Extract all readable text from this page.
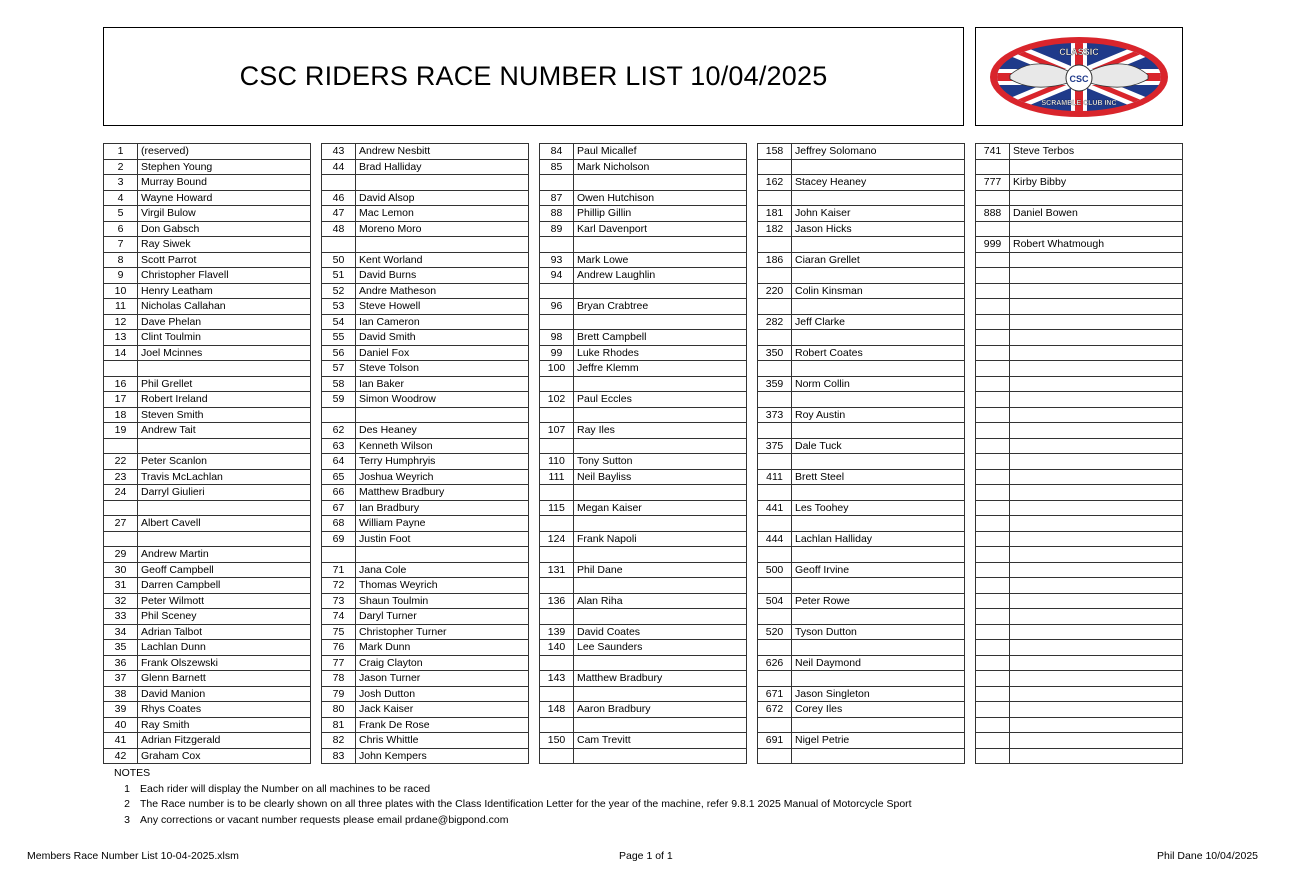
CSC RIDERS RACE NUMBER LIST 10/04/2025	CSC
CLASSIC
SCRAMBLE CLUB INC
1	(reserved)
2	Stephen Young
3	Murray Bound
4	Wayne Howard
5	Virgil Bulow
6	Don Gabsch
7	Ray Siwek
8	Scott Parrot
9	Christopher Flavell
10	Henry Leatham
11	Nicholas Callahan
12	Dave Phelan
13	Clint Toulmin
14	Joel Mcinnes

16	Phil Grellet
17	Robert Ireland
18	Steven Smith
19	Andrew Tait

22	Peter Scanlon
23	Travis McLachlan
24	Darryl Giulieri

27	Albert Cavell

29	Andrew Martin
30	Geoff Campbell
31	Darren Campbell
32	Peter Wilmott
33	Phil Sceney
34	Adrian Talbot
35	Lachlan Dunn
36	Frank Olszewski
37	Glenn Barnett
38	David Manion
39	Rhys Coates
40	Ray Smith
41	Adrian Fitzgerald
42	Graham Cox
43	Andrew Nesbitt
44	Brad Halliday

46	David Alsop
47	Mac Lemon
48	Moreno Moro

50	Kent Worland
51	David Burns
52	Andre Matheson
53	Steve Howell
54	Ian Cameron
55	David Smith
56	Daniel Fox
57	Steve Tolson
58	Ian Baker
59	Simon Woodrow

62	Des Heaney
63	Kenneth Wilson
64	Terry Humphryis
65	Joshua Weyrich
66	Matthew Bradbury
67	Ian Bradbury
68	William Payne
69	Justin Foot

71	Jana Cole
72	Thomas Weyrich
73	Shaun Toulmin
74	Daryl Turner
75	Christopher Turner
76	Mark Dunn
77	Craig Clayton
78	Jason Turner
79	Josh Dutton
80	Jack Kaiser
81	Frank De Rose
82	Chris Whittle
83	John Kempers
84	Paul Micallef
85	Mark Nicholson

87	Owen Hutchison
88	Phillip Gillin
89	Karl Davenport

93	Mark Lowe
94	Andrew Laughlin

96	Bryan Crabtree

98	Brett Campbell
99	Luke Rhodes
100	Jeffre Klemm

102	Paul Eccles

107	Ray Iles

110	Tony Sutton
111	Neil Bayliss

115	Megan Kaiser

124	Frank Napoli

131	Phil Dane

136	Alan Riha

139	David Coates
140	Lee Saunders

143	Matthew Bradbury

148	Aaron Bradbury

150	Cam Trevitt

158	Jeffrey Solomano

162	Stacey Heaney

181	John Kaiser
182	Jason Hicks

186	Ciaran Grellet

220	Colin Kinsman

282	Jeff Clarke

350	Robert Coates

359	Norm Collin

373	Roy Austin

375	Dale Tuck

411	Brett Steel

441	Les Toohey

444	Lachlan Halliday

500	Geoff Irvine

504	Peter Rowe

520	Tyson Dutton

626	Neil Daymond

671	Jason Singleton
672	Corey Iles

691	Nigel Petrie

741	Steve Terbos

777	Kirby Bibby

888	Daniel Bowen

999	Robert Whatmough

NOTES
1 Each rider will display the Number on all machines to be raced
2 The Race number is to be clearly shown on all three plates with the Class Identification Letter for the year of the machine, refer 9.8.1 2025 Manual of Motorcycle Sport
3 Any corrections or vacant number requests please email prdane@bigpond.com
Members Race Number List 10-04-2025.xlsm	Page 1 of 1	Phil Dane 10/04/2025
